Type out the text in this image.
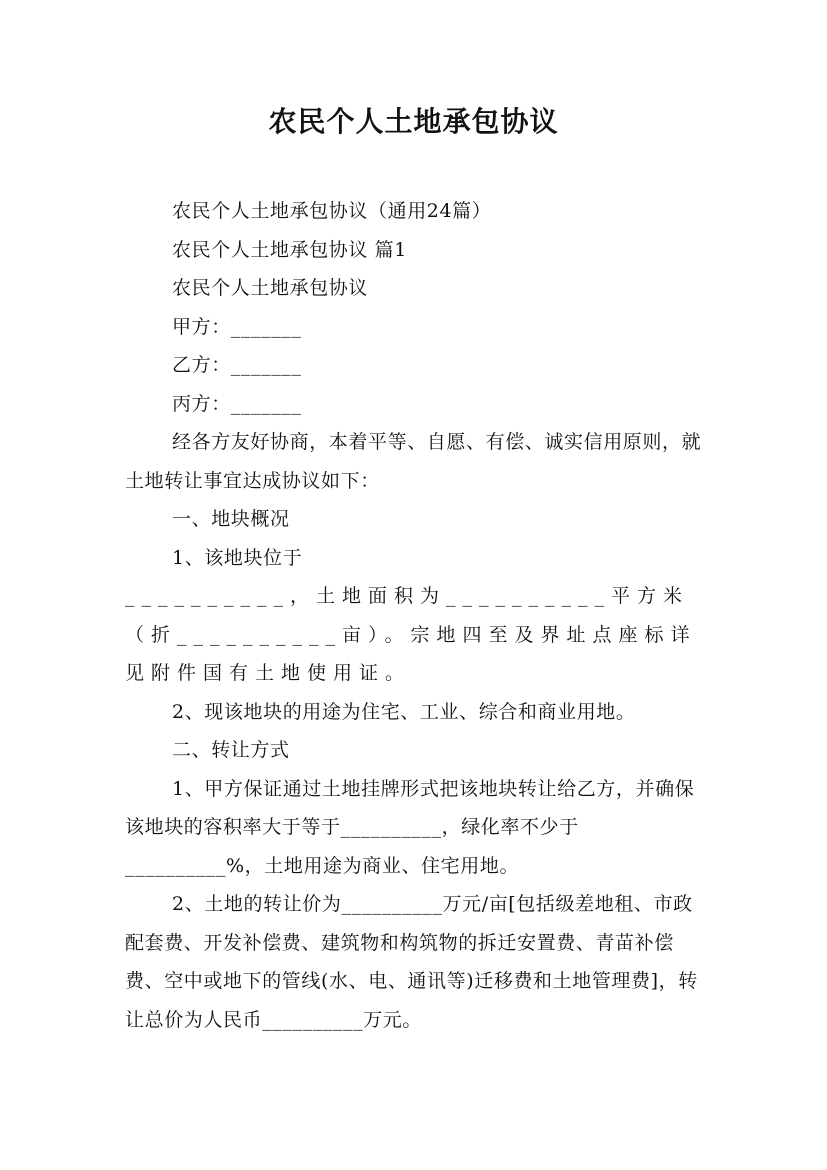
农民个人土地承包协议

农民个人土地承包协议（通用24篇）

农民个人土地承包协议 篇1

农民个人土地承包协议

甲方：_______

乙方：_______

丙方：_______

经各方友好协商，本着平等、自愿、有偿、诚实信用原则，就土地转让事宜达成协议如下：

一、地块概况

1、该地块位于

__________，土地面积为__________平方米（折__________亩）。宗地四至及界址点座标详见附件国有土地使用证。

2、现该地块的用途为住宅、工业、综合和商业用地。

二、转让方式

1、甲方保证通过土地挂牌形式把该地块转让给乙方，并确保该地块的容积率大于等于__________，绿化率不少于__________%，土地用途为商业、住宅用地。

2、土地的转让价为__________万元/亩[包括级差地租、市政配套费、开发补偿费、建筑物和构筑物的拆迁安置费、青苗补偿费、空中或地下的管线(水、电、通讯等)迁移费和土地管理费]，转让总价为人民币__________万元。
